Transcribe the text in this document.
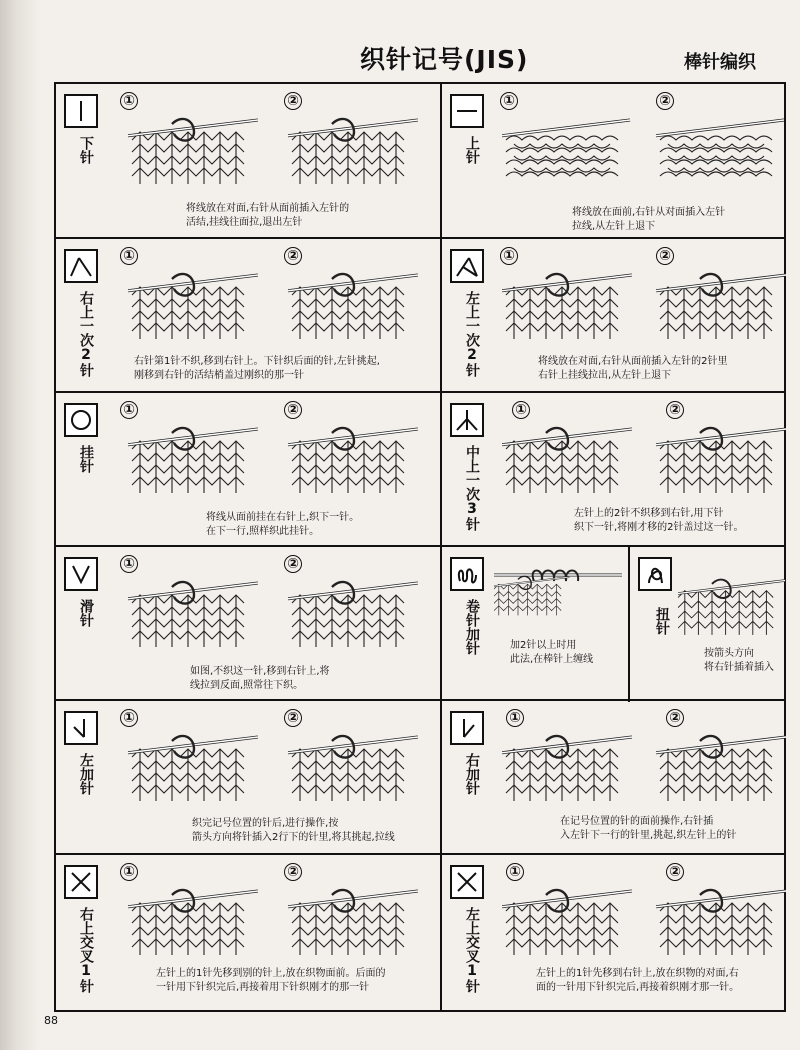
织针记号(JIS)	棒针编织
下针
①	②
将线放在对面,右针从面前插入左针的
活结,挂线往面拉,退出左针
上针
①	②
将线放在面前,右针从对面插入左针
拉线,从左针上退下
右上一次2针
①	②
右针第1针不织,移到右针上。下针织后面的针,左针挑起,
刚移到右针的活结梢盖过刚织的那一针	左上一次2针
①	②
将线放在对面,右针从面前插入左针的2针里
右针上挂线拉出,从左针上退下
挂针
①	②
将线从面前挂在右针上,织下一针。
在下一行,照样织此挂针。
中上一次3针
①	②
左针上的2针不织移到右针,用下针
织下一针,将刚才移的2针盖过这一针。
滑针
①	②
如图,不织这一针,移到右针上,将
线拉到反面,照常往下织。
卷针加针	加2针以上时用
此法,在棒针上缠线
扭针
按箭头方向
将右针插着插入
左加针
①	②
织完记号位置的针后,进行操作,按
箭头方向将针插入2行下的针里,将其挑起,拉线
右加针
①	②
在记号位置的针的面前操作,右针插
入左针下一行的针里,挑起,织左针上的针
右上交叉1针
①	②
左针上的1针先移到别的针上,放在织物面前。后面的
一针用下针织完后,再接着用下针织刚才的那一针	左上交叉1针
①	②
左针上的1针先移到右针上,放在织物的对面,右
面的一针用下针织完后,再接着织刚才那一针。
88
